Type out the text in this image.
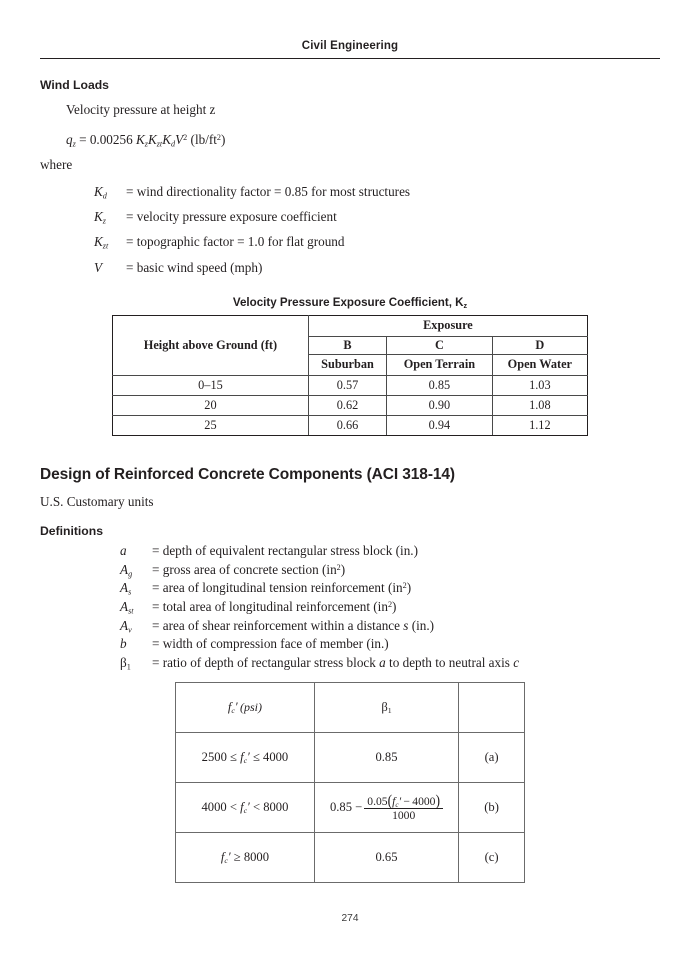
Civil Engineering
Wind Loads

Velocity pressure at height z

$q_z = 0.00256$ $K_zK_{zt}K_dV^2$ $(lb/ft^2)$

where

$K_d$	= wind directionality factor = 0.85 for most structures
$K_z$	= velocity pressure exposure coefficient
$K_{zt}$	= topographic factor = 1.0 for flat ground
V	= basic wind speed (mph)
Velocity Pressure Exposure Coefficient, $K_z$
Height above Ground (ft)	Exposure		
	B	C	D
	Suburban	Open Terrain	Open Water
0–15	0.57	0.85	1.03
20	0.62	0.90	1.08
25	0.66	0.94	1.12
Design of Reinforced Concrete Components (ACI 318-14)

U.S. Customary units

Definitions
a	= depth of equivalent rectangular stress block (in.)
$A_g$	= gross area of concrete section $(in^2)$
$A_s$	= area of longitudinal tension reinforcement $(in^2)$
$A_{st}$	= total area of longitudinal reinforcement $(in^2)$
$A_v$	= area of shear reinforcement within a distance s (in.)
b	= width of compression face of member (in.)
$\beta_1$	= ratio of depth of rectangular stress block a to depth to neutral axis c
$f_c'$ (psi)	$\beta_1$	
$2500 \le f_c' \le 4000$	0.85	(a)
$4000 < f_c' < 8000$	$0.85 - \frac{0.05(f_c' - 4000)}{1000}$	(b)
$f_c' \ge 8000$	0.65	(c)
274
